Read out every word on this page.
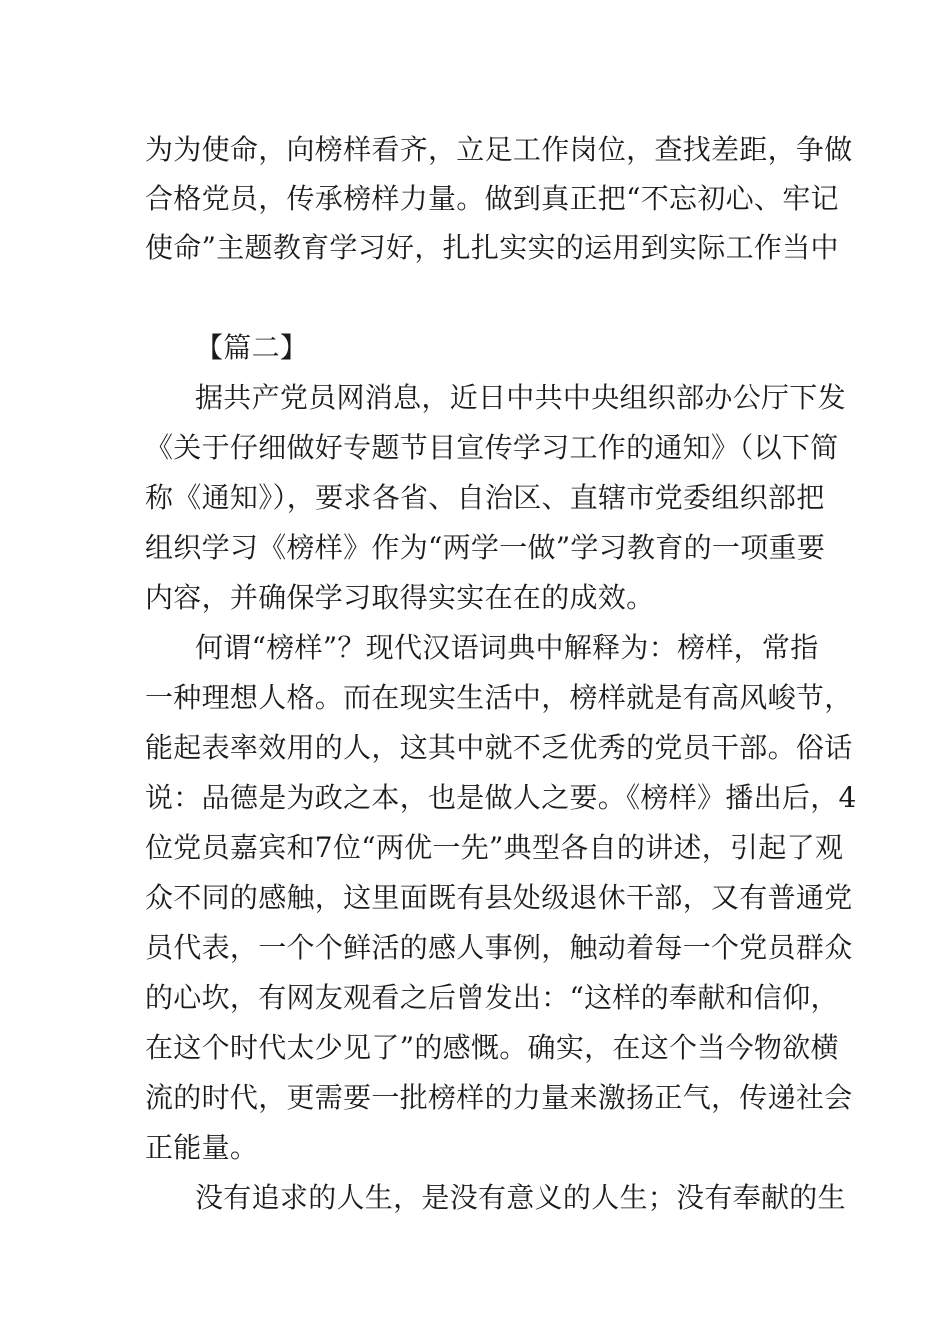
为为使命，向榜样看齐，立足工作岗位，查找差距，争做
合格党员，传承榜样力量。做到真正把“不忘初心、牢记
使命”主题教育学习好，扎扎实实的运用到实际工作当中
【篇二】
据共产党员网消息，近日中共中央组织部办公厅下发
《关于仔细做好专题节目宣传学习工作的通知》（以下简
称《通知》），要求各省、自治区、直辖市党委组织部把
组织学习《榜样》作为“两学一做”学习教育的一项重要
内容，并确保学习取得实实在在的成效。
何谓“榜样”？现代汉语词典中解释为：榜样，常指
一种理想人格。而在现实生活中，榜样就是有高风峻节，
能起表率效用的人，这其中就不乏优秀的党员干部。俗话
说：品德是为政之本，也是做人之要。《榜样》播出后，4
位党员嘉宾和7位“两优一先”典型各自的讲述，引起了观
众不同的感触，这里面既有县处级退休干部，又有普通党
员代表，一个个鲜活的感人事例，触动着每一个党员群众
的心坎，有网友观看之后曾发出：“这样的奉献和信仰，
在这个时代太少见了”的感慨。确实，在这个当今物欲横
流的时代，更需要一批榜样的力量来激扬正气，传递社会
正能量。
没有追求的人生，是没有意义的人生；没有奉献的生
